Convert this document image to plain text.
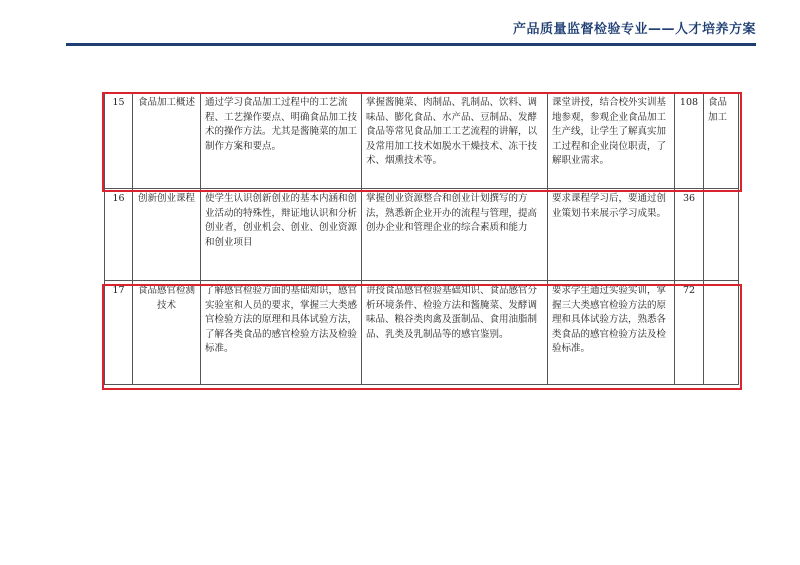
产品质量监督检验专业——人才培养方案
15	食品加工概述	通过学习食品加工过程中的工艺流程、工艺操作要点、明确食品加工技术的操作方法。尤其是酱腌菜的加工制作方案和要点。	掌握酱腌菜、肉制品、乳制品、饮料、调味品、膨化食品、水产品、豆制品、发酵食品等常见食品加工工艺流程的讲解，以及常用加工技术如脱水干燥技术、冻干技术、烟熏技术等。	课堂讲授，结合校外实训基地参观，参观企业食品加工生产线，让学生了解真实加工过程和企业岗位职责，了解职业需求。	108	食品加工
16	创新创业课程	使学生认识创新创业的基本内涵和创业活动的特殊性，辩证地认识和分析创业者，创业机会、创业、创业资源和创业项目	掌握创业资源整合和创业计划撰写的方法，熟悉新企业开办的流程与管理，提高创办企业和管理企业的综合素质和能力	要求课程学习后，要通过创业策划书来展示学习成果。	36	
17	食品感官检测技术	了解感官检验方面的基础知识，感官实验室和人员的要求，掌握三大类感官检验方法的原理和具体试验方法，了解各类食品的感官检验方法及检验标准。	讲授食品感官检验基础知识、食品感官分析环境条件、检验方法和酱腌菜、发酵调味品、粮谷类肉禽及蛋制品、食用油脂制品、乳类及乳制品等的感官鉴别。	要求学生通过实验实训，掌握三大类感官检验方法的原理和具体试验方法，熟悉各类食品的感官检验方法及检验标准。	72	
